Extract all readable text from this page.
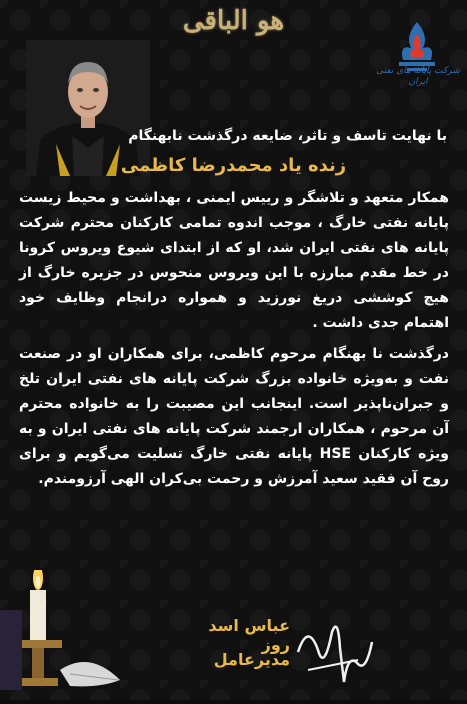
هو الباقی
شرکت پایانه های نفتی ایران
با نهایت تاسف و تاثر، ضایعه درگذشت نابهنگام
زنده یاد محمدرضا کاظمی

همکار متعهد و تلاشگر و رییس ایمنی ، بهداشت و محیط زیست پایانه نفتی خارگ ، موجب اندوه تمامی کارکنان محترم شرکت پایانه های نفتی ایران شد، او که از ابتدای شیوع ویروس کرونا در خط مقدم مبارزه با این ویروس منحوس در جزیره خارگ از هیچ کوششی دریغ نورزید و همواره درانجام وظایف خود اهتمام جدی داشت .

درگذشت نا بهنگام مرحوم کاظمی، برای همکاران او در صنعت نفت و بەویژه خانواده بزرگ شرکت پایانه های نفتی ایران تلخ و جبران‌ناپذیر است. اینجانب این مصیبت را به خانواده محترم آن مرحوم ، همکاران ارجمند شرکت پایانه های نفتی ایران و به ویژه کارکنان HSE پایانه نفتی خارگ تسلیت می‌گویم و برای روح آن فقید سعید آمرزش و رحمت بی‌کران الهی آرزومندم.

عباس اسد روز
مدیرعامل
